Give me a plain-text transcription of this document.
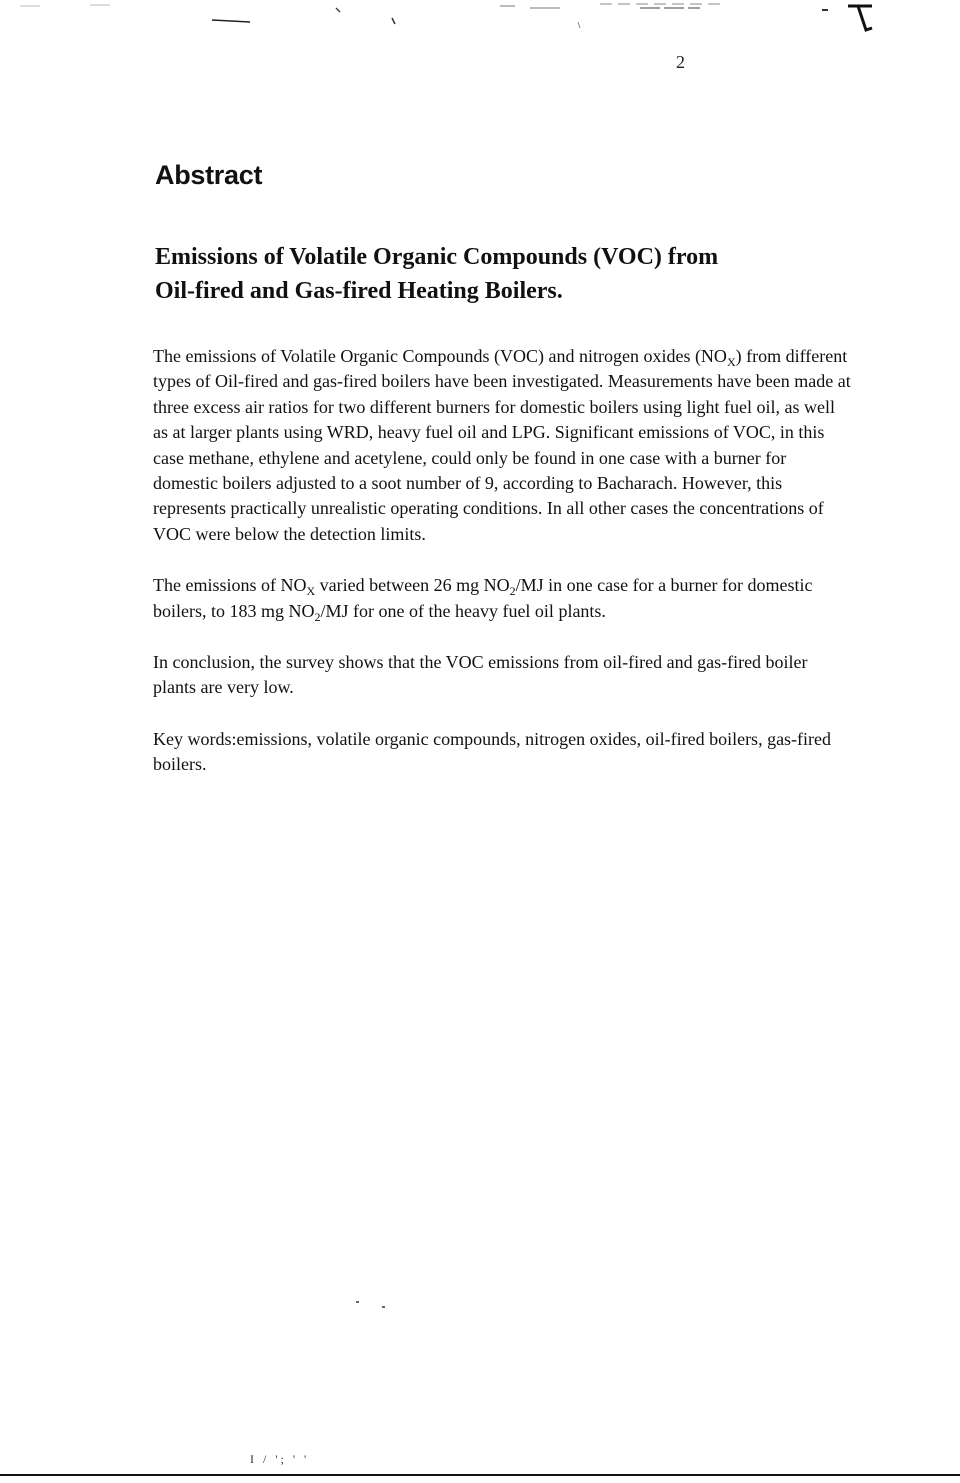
2
Abstract
Emissions of Volatile Organic Compounds (VOC) from
Oil-fired and Gas-fired Heating Boilers.

The emissions of Volatile Organic Compounds (VOC) and nitrogen oxides $(NO_X)$ from different types of Oil-fired and gas-fired boilers have been investigated. Measurements have been made at three excess air ratios for two different burners for domestic boilers using light fuel oil, as well as at larger plants using WRD, heavy fuel oil and LPG. Significant emissions of VOC, in this case methane, ethylene and acetylene, could only be found in one case with a burner for domestic boilers adjusted to a soot number of 9, according to Bacharach. However, this represents practically unrealistic operating conditions. In all other cases the concentrations of VOC were below the detection limits.

The emissions of $NO_X$ varied between 26 mg $NO_2/MJ$ in one case for a burner for domestic boilers, to 183 mg $NO_2/MJ$ for one of the heavy fuel oil plants.

In conclusion, the survey shows that the VOC emissions from oil-fired and gas-fired boiler plants are very low.

Key words:emissions, volatile organic compounds, nitrogen oxides, oil-fired boilers, gas-fired boilers.

I / '; ' '
